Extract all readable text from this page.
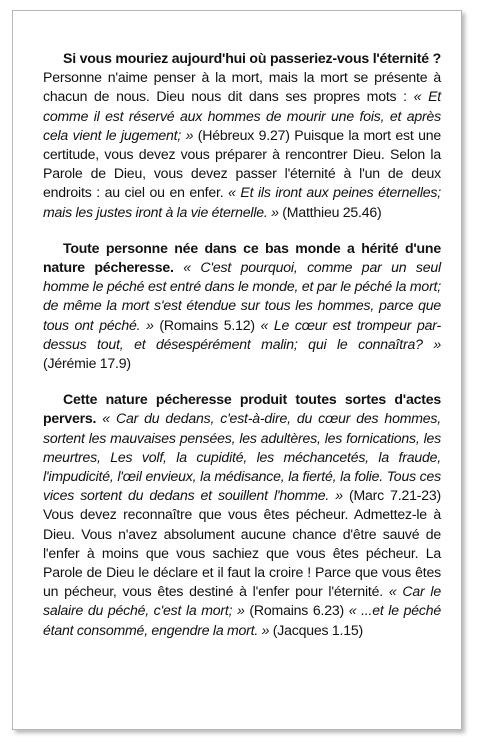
Si vous mouriez aujourd'hui où passeriez-vous l'éternité ? Personne n'aime penser à la mort, mais la mort se présente à chacun de nous. Dieu nous dit dans ses propres mots : « Et comme il est réservé aux hommes de mourir une fois, et après cela vient le jugement; » (Hébreux 9.27) Puisque la mort est une certitude, vous devez vous préparer à rencontrer Dieu. Selon la Parole de Dieu, vous devez passer l'éternité à l'un de deux endroits : au ciel ou en enfer. « Et ils iront aux peines éternelles; mais les justes iront à la vie éternelle. » (Matthieu 25.46)

Toute personne née dans ce bas monde a hérité d'une nature pécheresse. « C'est pourquoi, comme par un seul homme le péché est entré dans le monde, et par le péché la mort; de même la mort s'est étendue sur tous les hommes, parce que tous ont péché. » (Romains 5.12) « Le cœur est trompeur par-dessus tout, et désespérément malin; qui le connaîtra? » (Jérémie 17.9)

Cette nature pécheresse produit toutes sortes d'actes pervers. « Car du dedans, c'est-à-dire, du cœur des hommes, sortent les mauvaises pensées, les adultères, les fornications, les meurtres, Les volf, la cupidité, les méchancetés, la fraude, l'impudicité, l'œil envieux, la médisance, la fierté, la folie. Tous ces vices sortent du dedans et souillent l'homme. » (Marc 7.21-23) Vous devez reconnaître que vous êtes pécheur. Admettez-le à Dieu. Vous n'avez absolument aucune chance d'être sauvé de l'enfer à moins que vous sachiez que vous êtes pécheur. La Parole de Dieu le déclare et il faut la croire ! Parce que vous êtes un pécheur, vous êtes destiné à l'enfer pour l'éternité. « Car le salaire du péché, c'est la mort; » (Romains 6.23) « ...et le péché étant consommé, engendre la mort. » (Jacques 1.15)
